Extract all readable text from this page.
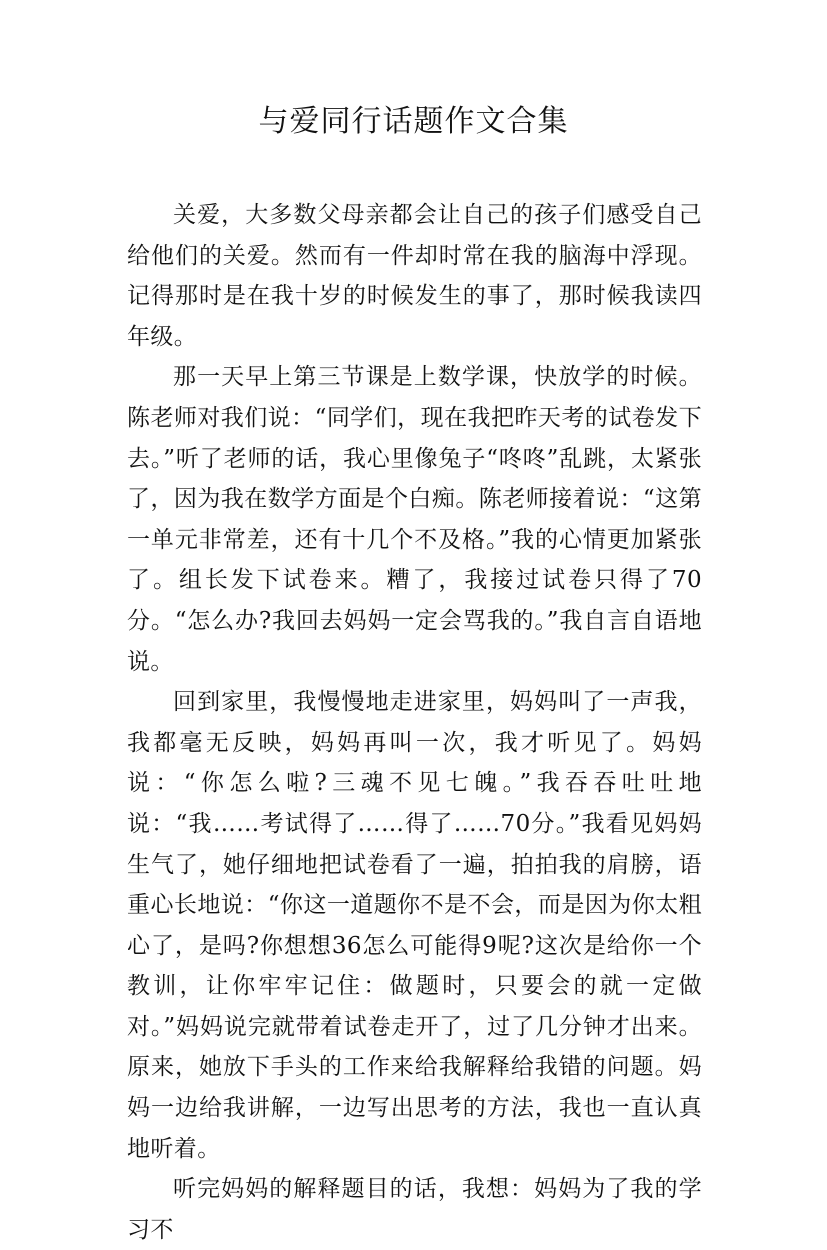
与爱同行话题作文合集

关爱，大多数父母亲都会让自己的孩子们感受自己给他们的关爱。然而有一件却时常在我的脑海中浮现。记得那时是在我十岁的时候发生的事了，那时候我读四年级。

那一天早上第三节课是上数学课，快放学的时候。陈老师对我们说：“同学们，现在我把昨天考的试卷发下去。”听了老师的话，我心里像兔子“咚咚”乱跳，太紧张了，因为我在数学方面是个白痴。陈老师接着说：“这第一单元非常差，还有十几个不及格。”我的心情更加紧张了。组长发下试卷来。糟了，我接过试卷只得了70分。“怎么办?我回去妈妈一定会骂我的。”我自言自语地说。

回到家里，我慢慢地走进家里，妈妈叫了一声我，我都毫无反映，妈妈再叫一次，我才听见了。妈妈说：“你怎么啦?三魂不见七魄。”我吞吞吐吐地说：“我……考试得了……得了……70分。”我看见妈妈生气了，她仔细地把试卷看了一遍，拍拍我的肩膀，语重心长地说：“你这一道题你不是不会，而是因为你太粗心了，是吗?你想想36怎么可能得9呢?这次是给你一个教训，让你牢牢记住：做题时，只要会的就一定做对。”妈妈说完就带着试卷走开了，过了几分钟才出来。原来，她放下手头的工作来给我解释给我错的问题。妈妈一边给我讲解，一边写出思考的方法，我也一直认真地听着。

听完妈妈的解释题目的话，我想：妈妈为了我的学习不
